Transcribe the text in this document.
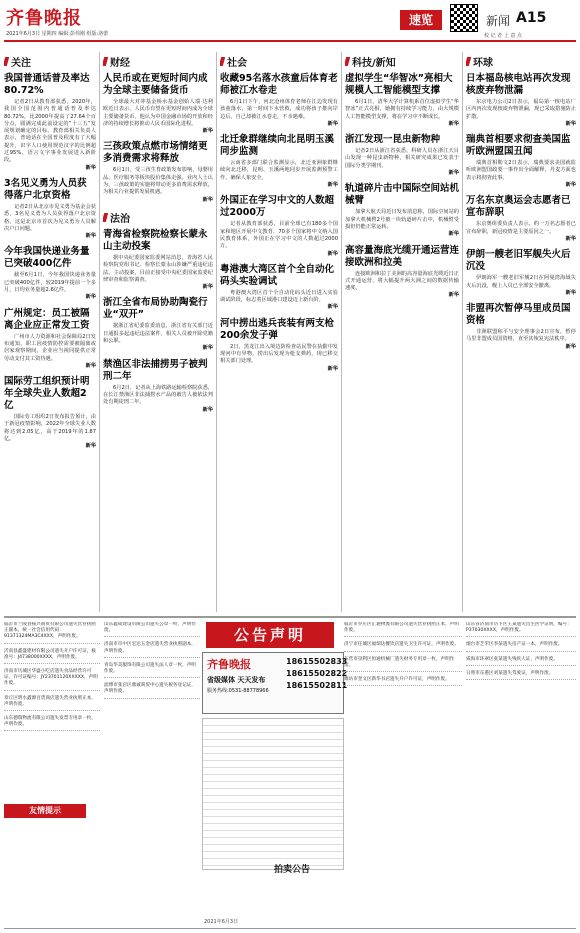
齐鲁晚报
2021年6月3日 星期四 编辑:彭伟刚 组版:洛蕾
速览	新闻 A15
校 记 者 上 意 点
关注
我国普通话普及率达80.72%

记者2日从教育部获悉，2020年，我国全国范围内普通话普及率达80.72%，比2000年提高了27.64个百分点，圆满完成此前设定的“十三五”发展规划确定的目标。教育部相关负责人表示，普通话在全国普及程度有了大幅提升，识字人口使用规范汉字的比例超过95%，语言文字事业发展进入新阶段。

新华

3名见义勇为人员获得落户北京资格

记者2日从北京市见义勇为基金会获悉，3名见义勇为人员获得落户北京资格，这是北京市首次为见义勇为人员解决户口问题。

新华

今年我国快递业务量已突破400亿件

截至6月1日，今年我国快递业务量已突破400亿件，较2019年提前一个多月，日均业务量超2.6亿件。

新华

广州规定：员工被隔离企业应正常发工资

广州市人力资源和社会保障局2日发布通知，职工因疫情防控需要被隔离或居家观察期间，企业应当视同提供正常劳动支付其工资待遇。

新华

国际劳工组织预计明年全球失业人数超2亿

国际劳工组织2日发布报告预计，由于新冠疫情影响，2022年全球失业人数将达到2.05亿，高于2019年的1.87亿。

新华

财经
人民币或在更短时间内成为全球主要储备货币

全球最大对冲基金桥水基金创始人瑞·达利欧近日表示，人民币有望在更短时间内成为全球主要储备货币。他认为中国金融市场的开放和经济的持续增长将推动人民币国际化进程。

新华

三孩政策点燃市场情绪更多消费需求将释放

6月1日，受三孩生育政策发布影响，母婴用品、医疗服务等板块股价集体走强。业内人士认为，三孩政策的实施将带动更多消费需求释放，为相关行业提供发展机遇。

新华

法治
青海省检察院检察长蒙永山主动投案

据中央纪委国家监委网站消息，青海省人民检察院党组书记、检察长蒙永山涉嫌严重违纪违法，主动投案，目前正接受中央纪委国家监委纪律审查和监察调查。

新华

浙江全省布局协助陶瓷行业“双开”

据浙江省纪委监委消息，浙江省有关部门近日通报多起违纪违法案件，相关人员被开除党籍和公职。

新华

禁渔区非法捕捞男子被判刑二年

6月2日，记者从上海铁路运输检察院获悉，在长江禁渔区非法捕捞水产品的被告人被依法判处有期徒刑二年。

新华

社会
收藏95名落水孩童后体育老师被江水卷走

6月1日下午，河北沧州体育老师在江边发现有孩童落水，第一时间下水营救，成功将孩子推向岸边后，自己却被江水卷走，不幸遇难。

新华

北迁象群继续向北昆明玉溪同步监测

云南省多部门联合监测显示，北迁亚洲象群继续向北迁移，昆明、玉溪两地同步开展监测预警工作，确保人象安全。

新华

外国正在学习中文的人数超过2000万

记者从教育部获悉，目前全球已有180多个国家和地区开展中文教育，70多个国家将中文纳入国民教育体系，外国正在学习中文的人数超过2000万。

新华

粤港澳大湾区首个全自动化码头实验调试

粤港澳大湾区首个全自动化码头近日进入实验调试阶段，标志着区域港口建设迈上新台阶。

新华

河中捞出逃兵丧装有两支枪200余发子弹

2日，黑龙江出入境边防检查站民警在执勤中发现河中有异物，捞出后发现为枪支弹药，现已移交相关部门处理。

新华

科技/新知
虚拟学生“华智冰”亮相大规模人工智能模型支撑

6月1日，清华大学计算机系首位虚拟学生“华智冰”正式亮相，她拥有持续学习能力，由大规模人工智能模型支撑，将在学习中不断成长。

新华

浙江发现一昆虫新物种

记者2日从浙江省获悉，科研人员在浙江天目山发现一种昆虫新物种，相关研究成果已发表于国际分类学期刊。

新华

轨道碎片击中国际空间站机械臂

加拿大航天局近日发布消息称，国际空间站的加拿大机械臂2号被一块轨道碎片击中，机械臂受损但仍能正常运转。

新华

高容量海底光缆开通运营连接欧洲和拉美

连接欧洲和拉丁美洲的高容量海底光缆近日正式开通运营，将大幅提升两大洲之间的数据传输速度。

新华

环球
日本福岛核电站再次发现核废弃物泄漏

东京电力公司2日表示，福岛第一核电站厂区内再次发现核废弃物泄漏，现已采取措施防止扩散。

新华

瑞典首相要求彻查美国监听欧洲盟国丑闻

瑞典首相勒文2日表示，瑞典要求美国就监听欧洲盟国政要一事作出全面解释，丹麦方面也表示将彻查此事。

新华

万名东京奥运会志愿者已宣布辞职

东京奥组委负责人表示，约一万名志愿者已宣布辞职，新冠疫情是主要原因之一。

新华

伊朗一艘老旧军舰失火后沉没

伊朗海军一艘老旧军舰2日在阿曼湾海域失火后沉没，舰上人员已全部安全撤离。

新华

非盟再次暂停马里成员国资格

非洲联盟和平与安全理事会2日宣布，暂停马里非盟成员国资格，直至其恢复宪法秩序。

新华

临沂市兰陵县振兴商贸有限公司遗失营业执照正副本，统一社会信用代码：91371324MA3C4XXX，声明作废。
沂南县鑫盛建材有限公司遗失开户许可证，核准号：J4738000XXXX，声明作废。
济南市历城区华盛小吃店遗失食品经营许可证，许可证编号：JY23701120XXXXX，声明作废。
章丘区明水鑫源百货商店遗失营业执照正本，声明作废。
山东德瑞物流有限公司遗失发票专用章一枚，声明作废。
山东鑫成建设有限公司遗失公章一枚，声明作废。
济南市市中区宏达五金店遗失营业执照副本，声明作废。
青岛华美服饰有限公司遗失法人章一枚，声明作废。
淄博市张店区鼎诚商贸中心遗失税务登记证，声明作废。
公告声明
齐鲁晚报
省级媒体 天天发布
服务热线:0531-88778966
18615502833
18615502822
18615502811
临沂市罗庄区汇通物流有限公司遗失营业执照正本，声明作废。
济宁市任城区福瑞达餐饮店遗失卫生许可证，声明作废。
东营市垦利区恒通机械厂遗失财务专用章一枚，声明作废。
潍坊市奎文区新华书店遗失开户许可证，声明作废。
山东省济南市历下区王某遗失出生医学证明，编号：P37030XXXX，声明作废。
烟台市芝罘区李某遗失房产证一本，声明作废。
威海市环翠区张某遗失残疾人证，声明作废。
日照市东港区刘某遗失驾驶证，声明作废。
2021年6月3日
友情提示
拍卖公告
